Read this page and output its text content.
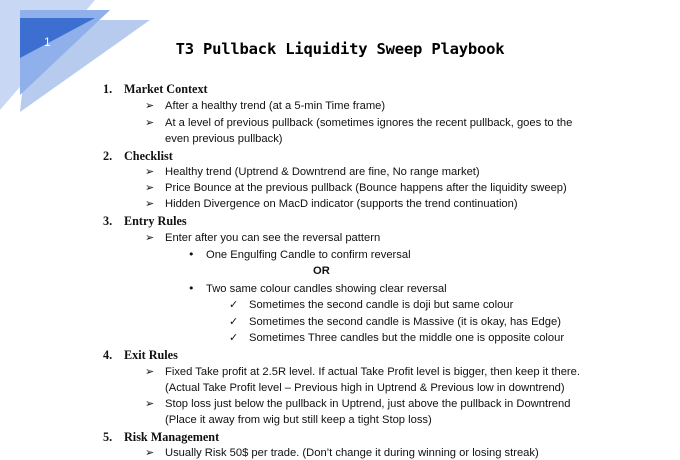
1	T3 Pullback Liquidity Sweep Playbook
1. Market Context
➢ After a healthy trend (at a 5-min Time frame)
➢ At a level of previous pullback (sometimes ignores the recent pullback, goes to the
even previous pullback)
2. Checklist
➢ Healthy trend (Uptrend & Downtrend are fine, No range market)
➢ Price Bounce at the previous pullback (Bounce happens after the liquidity sweep)
➢ Hidden Divergence on MacD indicator (supports the trend continuation)
3. Entry Rules
➢ Enter after you can see the reversal pattern
• One Engulfing Candle to confirm reversal
OR
• Two same colour candles showing clear reversal
✓ Sometimes the second candle is doji but same colour
✓ Sometimes the second candle is Massive (it is okay, has Edge)
✓ Sometimes Three candles but the middle one is opposite colour
4. Exit Rules
➢ Fixed Take profit at 2.5R level. If actual Take Profit level is bigger, then keep it there.
(Actual Take Profit level – Previous high in Uptrend & Previous low in downtrend)
➢ Stop loss just below the pullback in Uptrend, just above the pullback in Downtrend
(Place it away from wig but still keep a tight Stop loss)
5. Risk Management
➢ Usually Risk 50$ per trade. (Don’t change it during winning or losing streak)
